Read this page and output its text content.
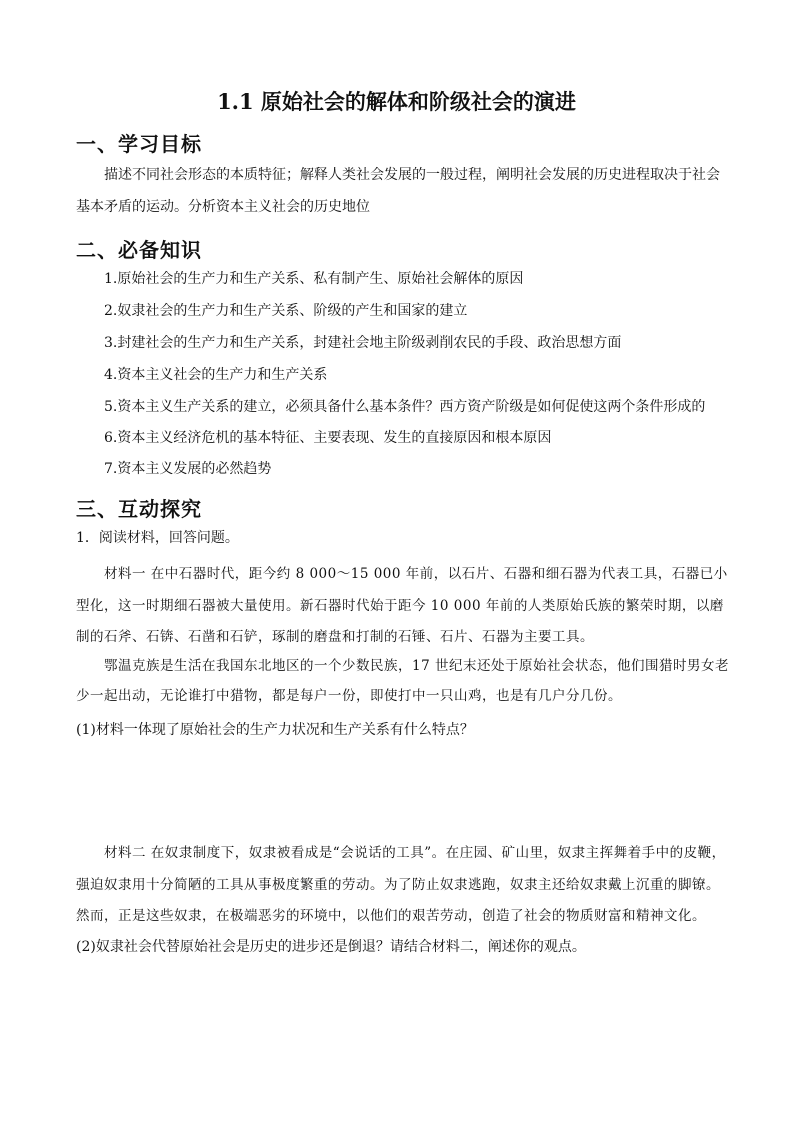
1.1 原始社会的解体和阶级社会的演进
一、学习目标
描述不同社会形态的本质特征；解释人类社会发展的一般过程，阐明社会发展的历史进程取决于社会
基本矛盾的运动。分析资本主义社会的历史地位
二、必备知识
1.原始社会的生产力和生产关系、私有制产生、原始社会解体的原因
2.奴隶社会的生产力和生产关系、阶级的产生和国家的建立
3.封建社会的生产力和生产关系，封建社会地主阶级剥削农民的手段、政治思想方面
4.资本主义社会的生产力和生产关系
5.资本主义生产关系的建立，必须具备什么基本条件？西方资产阶级是如何促使这两个条件形成的
6.资本主义经济危机的基本特征、主要表现、发生的直接原因和根本原因
7.资本主义发展的必然趋势
三、互动探究
1．阅读材料，回答问题。
材料一 在中石器时代，距今约 8 000～15 000 年前，以石片、石器和细石器为代表工具，石器已小
型化，这一时期细石器被大量使用。新石器时代始于距今 10 000 年前的人类原始氏族的繁荣时期，以磨
制的石斧、石锛、石凿和石铲，琢制的磨盘和打制的石锤、石片、石器为主要工具。
鄂温克族是生活在我国东北地区的一个少数民族，17 世纪末还处于原始社会状态，他们围猎时男女老
少一起出动，无论谁打中猎物，都是每户一份，即使打中一只山鸡，也是有几户分几份。
(1)材料一体现了原始社会的生产力状况和生产关系有什么特点？
材料二 在奴隶制度下，奴隶被看成是“会说话的工具”。在庄园、矿山里，奴隶主挥舞着手中的皮鞭，
强迫奴隶用十分简陋的工具从事极度繁重的劳动。为了防止奴隶逃跑，奴隶主还给奴隶戴上沉重的脚镣。
然而，正是这些奴隶，在极端恶劣的环境中，以他们的艰苦劳动，创造了社会的物质财富和精神文化。
(2)奴隶社会代替原始社会是历史的进步还是倒退？请结合材料二，阐述你的观点。
